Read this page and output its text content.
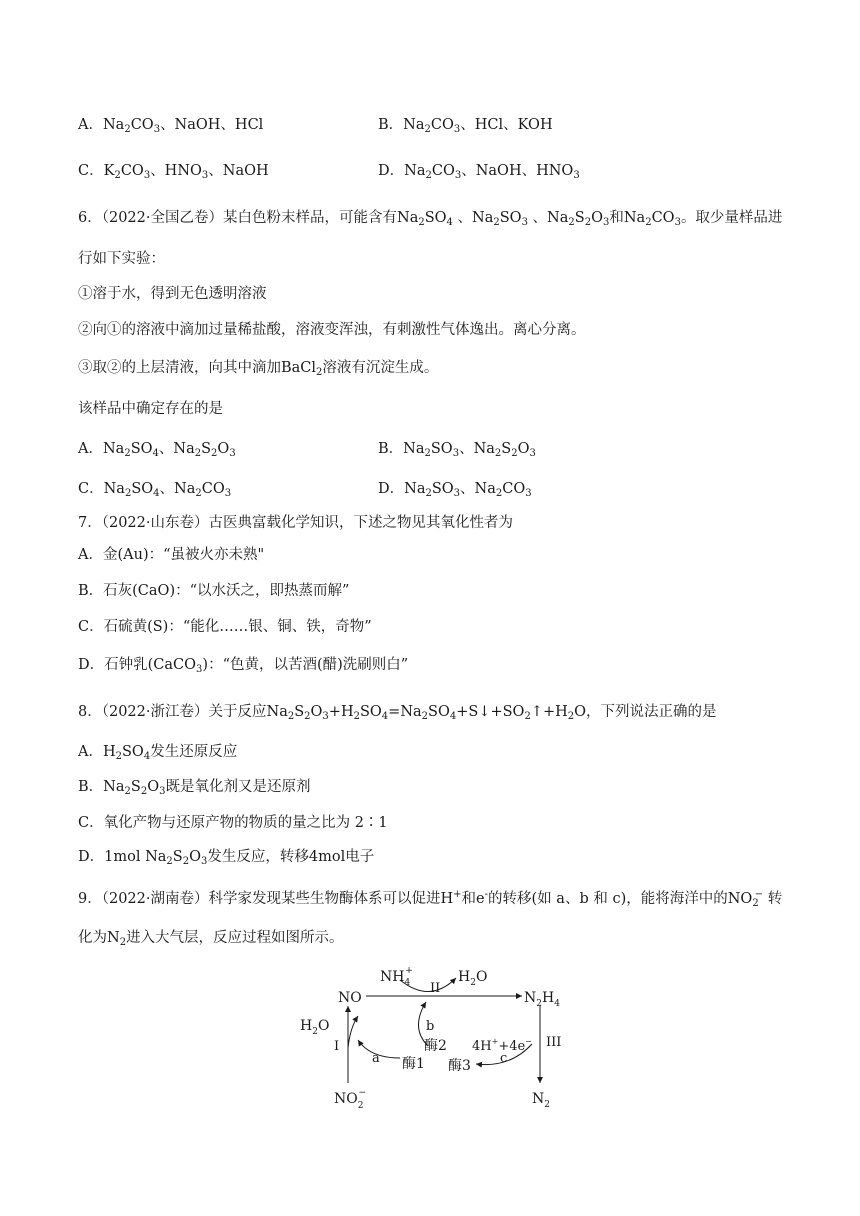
A．$Na_2CO_3$、NaOH、HCl	B．$Na_2CO_3$、HCl、KOH
C．$K_2CO_3$、$HNO_3$、NaOH	D．$Na_2CO_3$、NaOH、$HNO_3$
6．（2022·全国乙卷）某白色粉末样品，可能含有$Na_2SO_4$ 、$Na_2SO_3$ 、$Na_2S_2O_3$和$Na_2CO_3$。取少量样品进
行如下实验：
①溶于水，得到无色透明溶液
②向①的溶液中滴加过量稀盐酸，溶液变浑浊，有刺激性气体逸出。离心分离。
③取②的上层清液，向其中滴加BaCl$_2$溶液有沉淀生成。
该样品中确定存在的是
A．$Na_2SO_4$、$Na_2S_2O_3$	B．$Na_2SO_3$、$Na_2S_2O_3$
C．$Na_2SO_4$、$Na_2CO_3$	D．$Na_2SO_3$、$Na_2CO_3$
7．（2022·山东卷）古医典富载化学知识，下述之物见其氧化性者为
A．金(Au)：“虽被火亦未熟"
B．石灰(CaO)：“以水沃之，即热蒸而解”
C．石硫黄(S)：“能化……银、铜、铁，奇物”
D．石钟乳(CaCO$_3$)：“色黄，以苦酒(醋)洗刷则白”
8．（2022·浙江卷）关于反应$Na_2S_2O_3+H_2SO_4=Na_2SO_4+S↓+SO_2↑+H_2O$，下列说法正确的是
A．$H_2SO_4$发生还原反应
B．$Na_2S_2O_3$既是氧化剂又是还原剂
C．氧化产物与还原产物的物质的量之比为 2∶1
D．1mol $Na_2S_2O_3$发生反应，转移4mol电子
9．（2022·湖南卷）科学家发现某些生物酶体系可以促进H+和e-的转移(如 a、b 和 c)，能将海洋中的$NO_2^-$ 转
化为$N_2$进入大气层，反应过程如图所示。
$NH_4+$	$H_2O$
NO	$N_2H_4$
$H_2O$
$NO_2-$	$N_2$
4H++4e−
II
I	III
a
b
c
酶1
酶2
酶3
